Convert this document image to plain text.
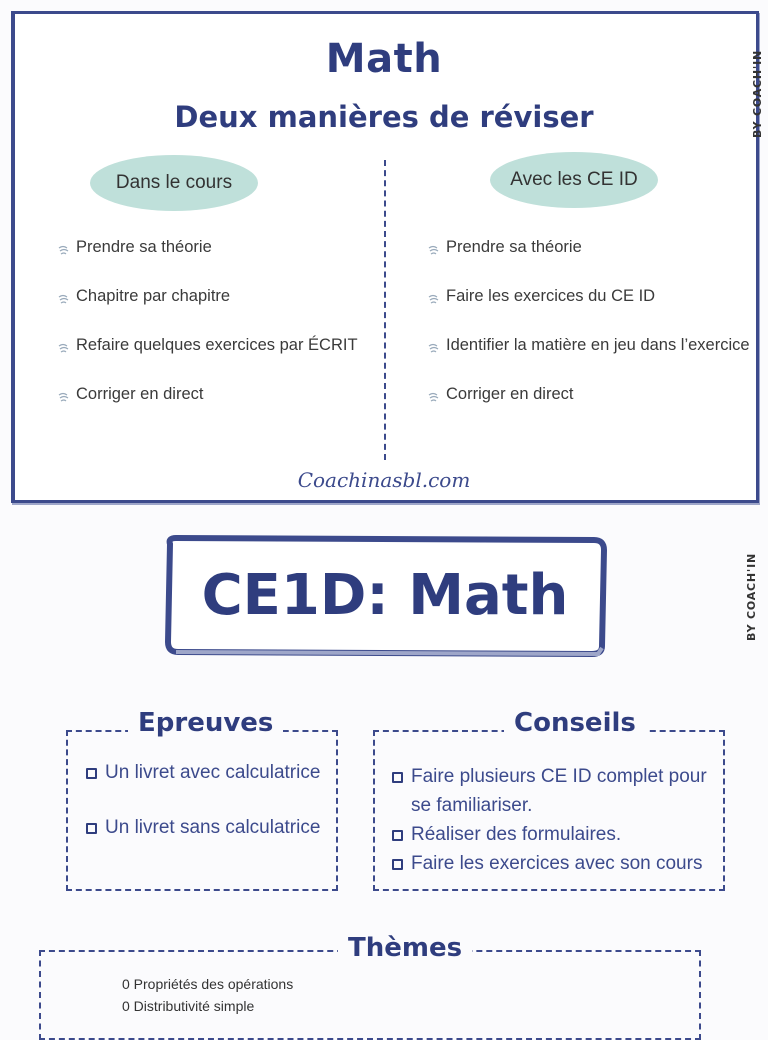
Math
Deux manières de réviser
Dans le cours	Avec les CE ID
Prendre sa théorie
Chapitre par chapitre
Refaire quelques exercices par ÉCRIT
Corriger en direct
Prendre sa théorie
Faire les exercices du CE ID
Identifier la matière en jeu dans l’exercice
Corriger en direct
Coachinasbl.com
BY COACH'IN
CE1D: Math	BY COACH'IN
Epreuves
Un livret avec calculatrice
Un livret sans calculatrice
Conseils
Faire plusieurs CE ID complet pour se familiariser.
Réaliser des formulaires.
Faire les exercices avec son cours
Thèmes
0 Propriétés des opérations
0 Distributivité simple
